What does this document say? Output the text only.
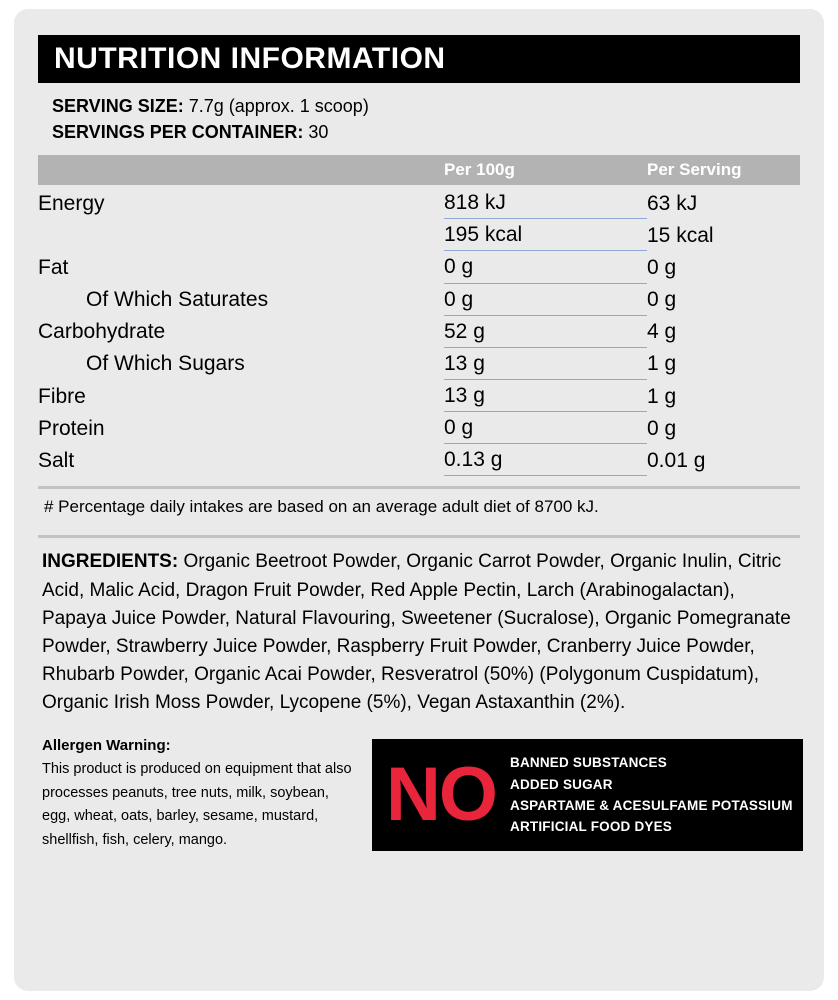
NUTRITION INFORMATION
SERVING SIZE: 7.7g (approx. 1 scoop)
SERVINGS PER CONTAINER: 30
Per 100g	Per Serving
Energy	818 kJ	63 kJ
	195 kcal	15 kcal
Fat	0 g	0 g
Of Which Saturates	0 g	0 g
Carbohydrate	52 g	4 g
Of Which Sugars	13 g	1 g
Fibre	13 g	1 g
Protein	0 g	0 g
Salt	0.13 g	0.01 g
# Percentage daily intakes are based on an average adult diet of 8700 kJ.
INGREDIENTS: Organic Beetroot Powder, Organic Carrot Powder, Organic Inulin, Citric Acid, Malic Acid, Dragon Fruit Powder, Red Apple Pectin, Larch (Arabinogalactan), Papaya Juice Powder, Natural Flavouring, Sweetener (Sucralose), Organic Pomegranate Powder, Strawberry Juice Powder, Raspberry Fruit Powder, Cranberry Juice Powder, Rhubarb Powder, Organic Acai Powder, Resveratrol (50%) (Polygonum Cuspidatum), Organic Irish Moss Powder, Lycopene (5%), Vegan Astaxanthin (2%).
Allergen Warning:
This product is produced on equipment that also processes peanuts, tree nuts, milk, soybean, egg, wheat, oats, barley, sesame, mustard, shellfish, fish, celery, mango.
NO	BANNED SUBSTANCES
ADDED SUGAR
ASPARTAME & ACESULFAME POTASSIUM
ARTIFICIAL FOOD DYES
